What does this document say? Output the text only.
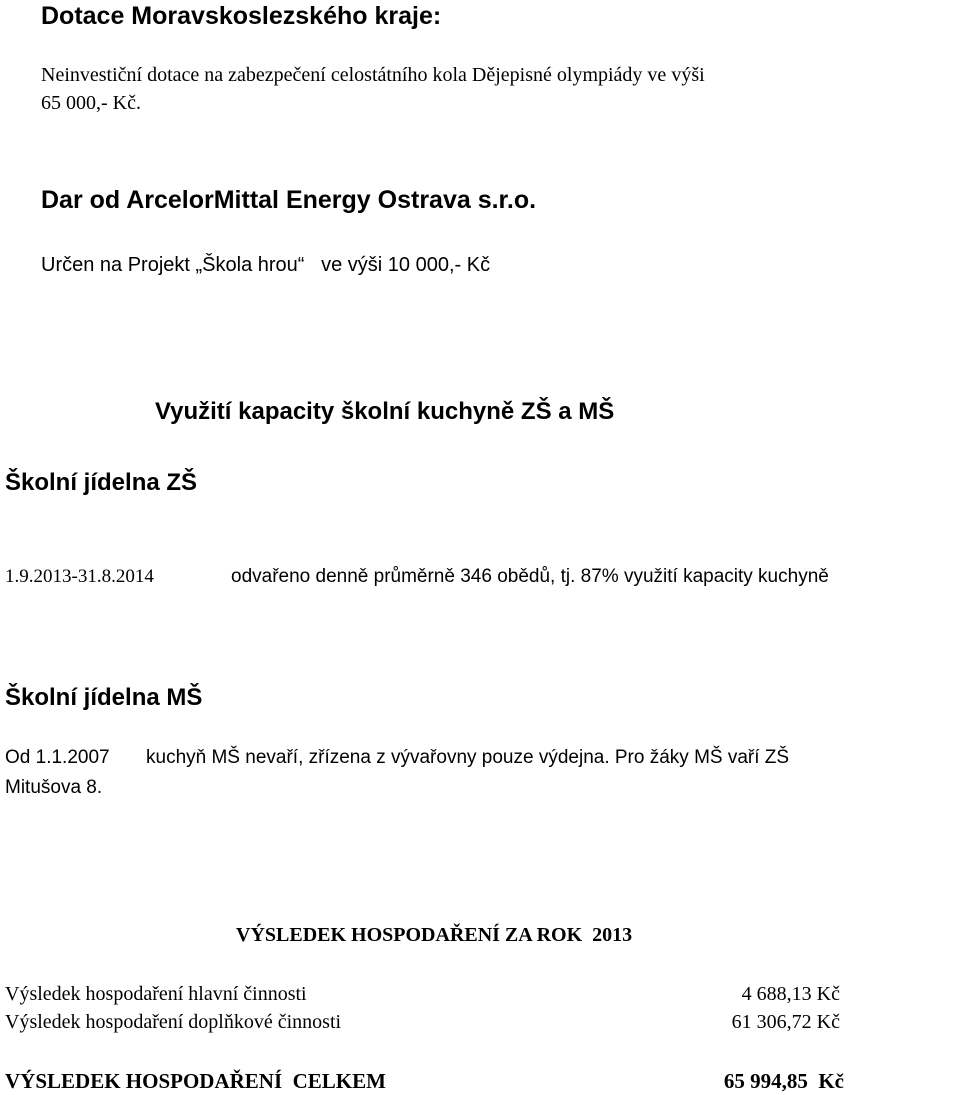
Dotace Moravskoslezského kraje:
Neinvestiční dotace na zabezpečení celostátního kola Dějepisné olympiády ve výši
65 000,- Kč.
Dar od ArcelorMittal Energy Ostrava s.r.o.
Určen na Projekt „Škola hrou“   ve výši 10 000,- Kč
Využití kapacity školní kuchyně ZŠ a MŠ
Školní jídelna ZŠ
1.9.2013-31.8.2014	odvařeno denně průměrně 346 obědů, tj. 87% využití kapacity kuchyně
Školní jídelna MŠ
Od 1.1.2007 kuchyň MŠ nevaří, zřízena z vývařovny pouze výdejna. Pro žáky MŠ vaří ZŠ
Mitušova 8.
VÝSLEDEK HOSPODAŘENÍ ZA ROK  2013
Výsledek hospodaření hlavní činnosti	4 688,13 Kč
Výsledek hospodaření doplňkové činnosti	61 306,72 Kč
VÝSLEDEK HOSPODAŘENÍ  CELKEM	65 994,85  Kč
